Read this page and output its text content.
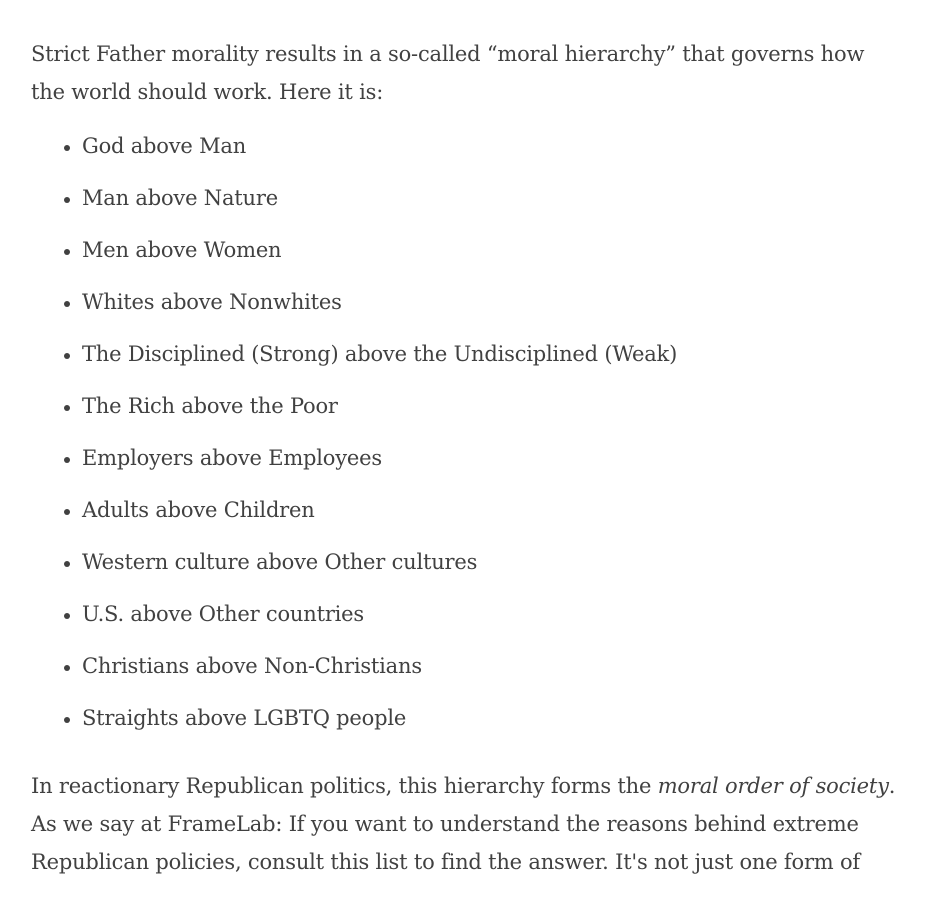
Strict Father morality results in a so-called “moral hierarchy” that governs how the world should work. Here it is:

• God above Man
• Man above Nature
• Men above Women
• Whites above Nonwhites
• The Disciplined (Strong) above the Undisciplined (Weak)
• The Rich above the Poor
• Employers above Employees
• Adults above Children
• Western culture above Other cultures
• U.S. above Other countries
• Christians above Non-Christians
• Straights above LGBTQ people

In reactionary Republican politics, this hierarchy forms the moral order of society. As we say at FrameLab: If you want to understand the reasons behind extreme Republican policies, consult this list to find the answer. It's not just one form of
